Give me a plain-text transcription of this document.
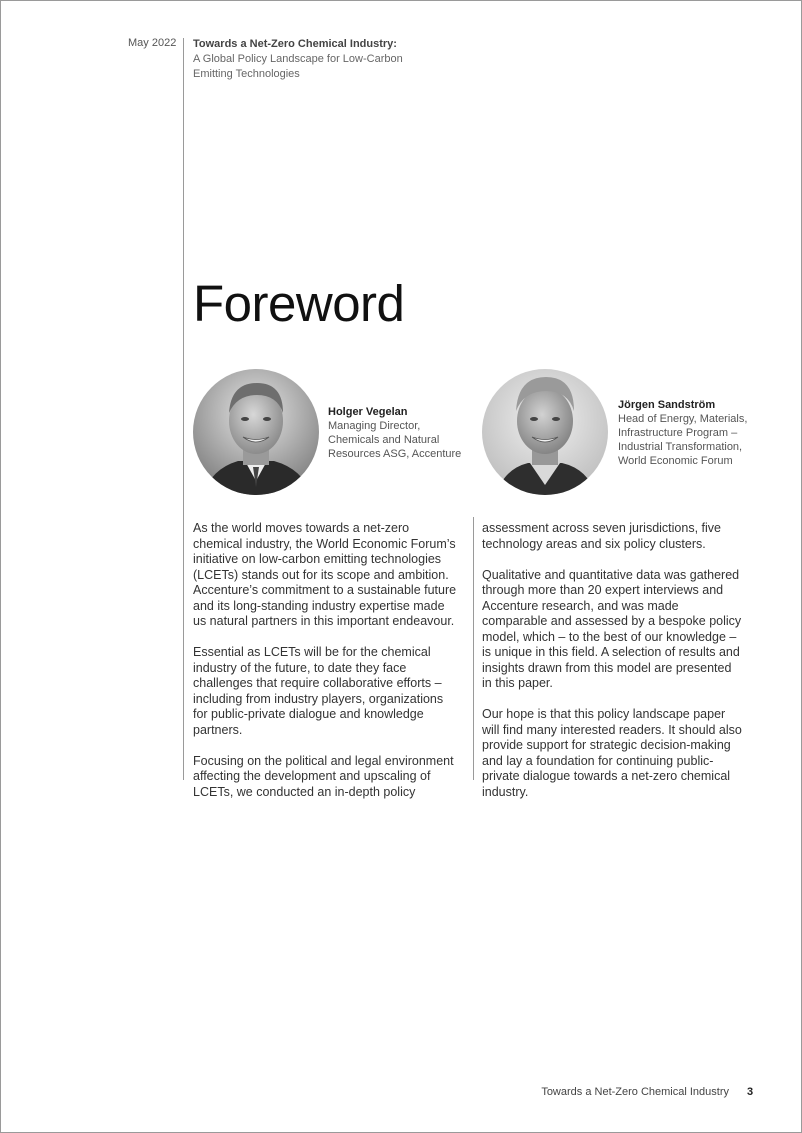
May 2022 Towards a Net-Zero Chemical Industry:
A Global Policy Landscape for Low-Carbon Emitting Technologies
Foreword
Holger Vegelan
Managing Director, Chemicals and Natural Resources ASG, Accenture
Jörgen Sandström
Head of Energy, Materials, Infrastructure Program – Industrial Transformation, World Economic Forum

As the world moves towards a net-zero chemical industry, the World Economic Forum’s initiative on low-carbon emitting technologies (LCETs) stands out for its scope and ambition. Accenture’s commitment to a sustainable future and its long-standing industry expertise made us natural partners in this important endeavour.

Essential as LCETs will be for the chemical industry of the future, to date they face challenges that require collaborative efforts – including from industry players, organizations for public-private dialogue and knowledge partners.

Focusing on the political and legal environment affecting the development and upscaling of LCETs, we conducted an in-depth policy

assessment across seven jurisdictions, five technology areas and six policy clusters.

Qualitative and quantitative data was gathered through more than 20 expert interviews and Accenture research, and was made comparable and assessed by a bespoke policy model, which – to the best of our knowledge – is unique in this field. A selection of results and insights drawn from this model are presented in this paper.

Our hope is that this policy landscape paper will find many interested readers. It should also provide support for strategic decision-making and lay a foundation for continuing public-private dialogue towards a net-zero chemical industry.

Towards a Net-Zero Chemical Industry 3
